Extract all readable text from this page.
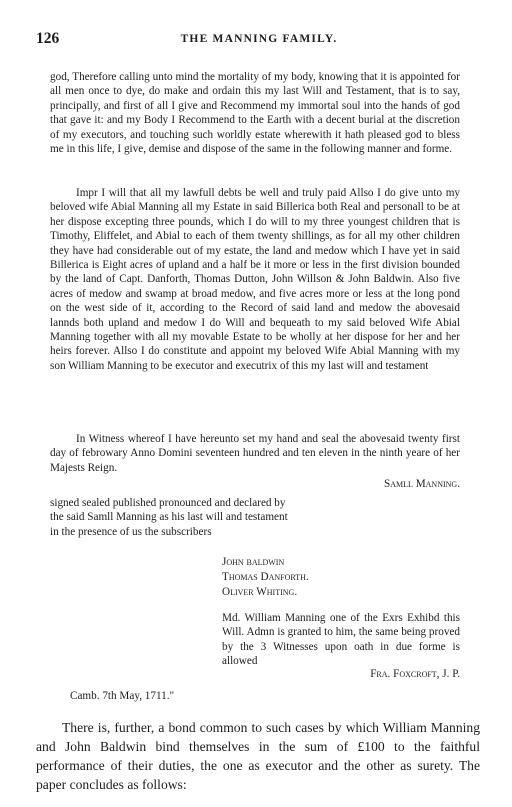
126	THE MANNING FAMILY.

god, Therefore calling unto mind the mortality of my body, knowing that it is appointed for all men once to dye, do make and ordain this my last Will and Testament, that is to say, principally, and first of all I give and Recommend my immortal soul into the hands of god that gave it: and my Body I Recommend to the Earth with a decent burial at the discretion of my executors, and touching such worldly estate wherewith it hath pleased god to bless me in this life, I give, demise and dispose of the same in the following manner and forme.

Impr I will that all my lawfull debts be well and truly paid Allso I do give unto my beloved wife Abial Manning all my Estate in said Billerica both Real and personall to be at her dispose excepting three pounds, which I do will to my three youngest children that is Timothy, Eliffelet, and Abial to each of them twenty shillings, as for all my other children they have had considerable out of my estate, the land and medow which I have yet in said Billerica is Eight acres of upland and a half be it more or less in the first division bounded by the land of Capt. Danforth, Thomas Dutton, John Willson & John Baldwin. Also five acres of medow and swamp at broad medow, and five acres more or less at the long pond on the west side of it, according to the Record of said land and medow the abovesaid lannds both upland and medow I do Will and bequeath to my said beloved Wife Abial Manning together with all my movable Estate to be wholly at her dispose for her and her heirs forever. Allso I do constitute and appoint my beloved Wife Abial Manning with my son William Manning to be executor and executrix of this my last will and testament

In Witness whereof I have hereunto set my hand and seal the abovesaid twenty first day of febrowary Anno Domini seventeen hundred and ten eleven in the ninth yeare of her Majests Reign.

Samll Manning.
signed sealed published pronounced and declared by the said Samll Manning as his last will and testament in the presence of us the subscribers
John baldwin
Thomas Danforth.
Oliver Whiting.
Md. William Manning one of the Exrs Exhibd this Will. Admn is granted to him, the same being proved by the 3 Witnesses upon oath in due forme is allowed
Fra. Foxcroft, J. P.
Camb. 7th May, 1711."

There is, further, a bond common to such cases by which William Manning and John Baldwin bind themselves in the sum of £100 to the faithful performance of their duties, the one as executor and the other as surety. The paper concludes as follows:
